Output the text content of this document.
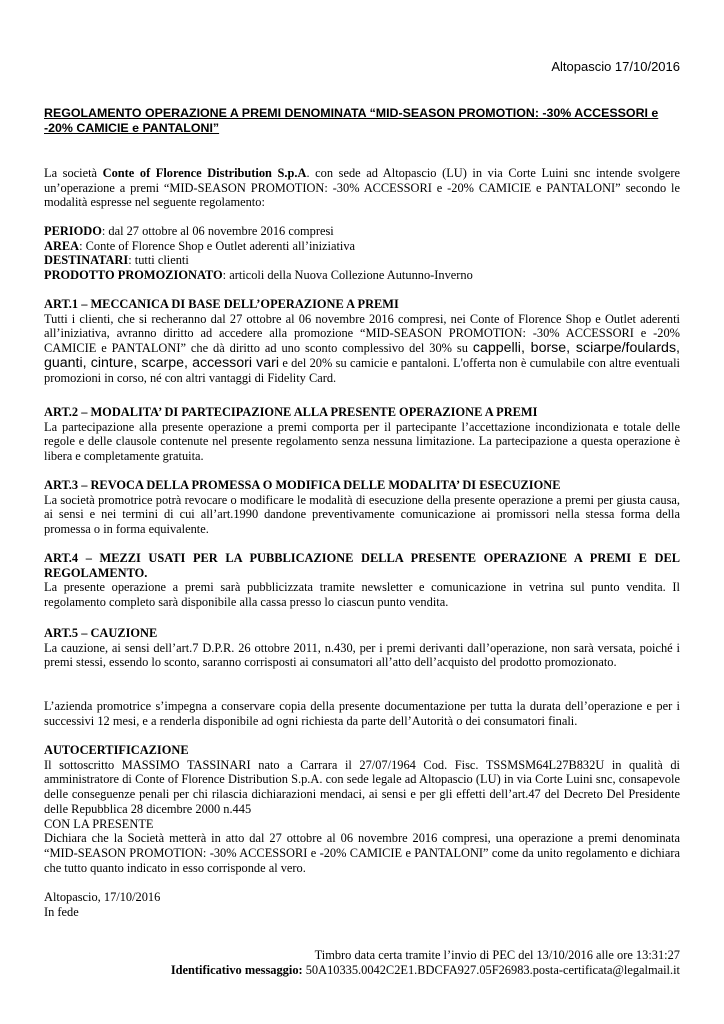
Altopascio 17/10/2016
REGOLAMENTO OPERAZIONE A PREMI DENOMINATA “MID-SEASON PROMOTION: -30% ACCESSORI e -20% CAMICIE e PANTALONI”

La società Conte of Florence Distribution S.p.A. con sede ad Altopascio (LU) in via Corte Luini snc intende svolgere un’operazione a premi “MID-SEASON PROMOTION: -30% ACCESSORI e -20% CAMICIE e PANTALONI” secondo le modalità espresse nel seguente regolamento:

PERIODO: dal 27 ottobre al 06 novembre 2016 compresi

AREA: Conte of Florence Shop e Outlet aderenti all’iniziativa

DESTINATARI: tutti clienti

PRODOTTO PROMOZIONATO: articoli della Nuova Collezione Autunno-Inverno

ART.1 – MECCANICA DI BASE DELL’OPERAZIONE A PREMI

Tutti i clienti, che si recheranno dal 27 ottobre al 06 novembre 2016 compresi, nei Conte of Florence Shop e Outlet aderenti all’iniziativa, avranno diritto ad accedere alla promozione “MID-SEASON PROMOTION: -30% ACCESSORI e -20% CAMICIE e PANTALONI” che dà diritto ad uno sconto complessivo del 30% su cappelli, borse, sciarpe/foulards, guanti, cinture, scarpe, accessori vari e del 20% su camicie e pantaloni. L'offerta non è cumulabile con altre eventuali promozioni in corso, né con altri vantaggi di Fidelity Card.

ART.2 – MODALITA’ DI PARTECIPAZIONE ALLA PRESENTE OPERAZIONE A PREMI

La partecipazione alla presente operazione a premi comporta per il partecipante l’accettazione incondizionata e totale delle regole e delle clausole contenute nel presente regolamento senza nessuna limitazione. La partecipazione a questa operazione è libera e completamente gratuita.

ART.3 – REVOCA DELLA PROMESSA O MODIFICA DELLE MODALITA’ DI ESECUZIONE

La società promotrice potrà revocare o modificare le modalità di esecuzione della presente operazione a premi per giusta causa, ai sensi e nei termini di cui all’art.1990 dandone preventivamente comunicazione ai promissori nella stessa forma della promessa o in forma equivalente.

ART.4 – MEZZI USATI PER LA PUBBLICAZIONE DELLA PRESENTE OPERAZIONE A PREMI E DEL REGOLAMENTO.

La presente operazione a premi sarà pubblicizzata tramite newsletter e comunicazione in vetrina sul punto vendita. Il regolamento completo sarà disponibile alla cassa presso lo ciascun punto vendita.

ART.5 – CAUZIONE

La cauzione, ai sensi dell’art.7 D.P.R. 26 ottobre 2011, n.430, per i premi derivanti dall’operazione, non sarà versata, poiché i premi stessi, essendo lo sconto, saranno corrisposti ai consumatori all’atto dell’acquisto del prodotto promozionato.

L’azienda promotrice s’impegna a conservare copia della presente documentazione per tutta la durata dell’operazione e per i successivi 12 mesi, e a renderla disponibile ad ogni richiesta da parte dell’Autorità o dei consumatori finali.

AUTOCERTIFICAZIONE

Il sottoscritto MASSIMO TASSINARI nato a Carrara il 27/07/1964 Cod. Fisc. TSSMSM64L27B832U in qualità di amministratore di Conte of Florence Distribution S.p.A. con sede legale ad Altopascio (LU) in via Corte Luini snc, consapevole delle conseguenze penali per chi rilascia dichiarazioni mendaci, ai sensi e per gli effetti dell’art.47 del Decreto Del Presidente delle Repubblica 28 dicembre 2000 n.445

CON LA PRESENTE

Dichiara che la Società metterà in atto dal 27 ottobre al 06 novembre 2016 compresi, una operazione a premi denominata “MID-SEASON PROMOTION: -30% ACCESSORI e -20% CAMICIE e PANTALONI” come da unito regolamento e dichiara che tutto quanto indicato in esso corrisponde al vero.

Altopascio, 17/10/2016

In fede

Timbro data certa tramite l’invio di PEC del 13/10/2016 alle ore 13:31:27

Identificativo messaggio: 50A10335.0042C2E1.BDCFA927.05F26983.posta-certificata@legalmail.it
